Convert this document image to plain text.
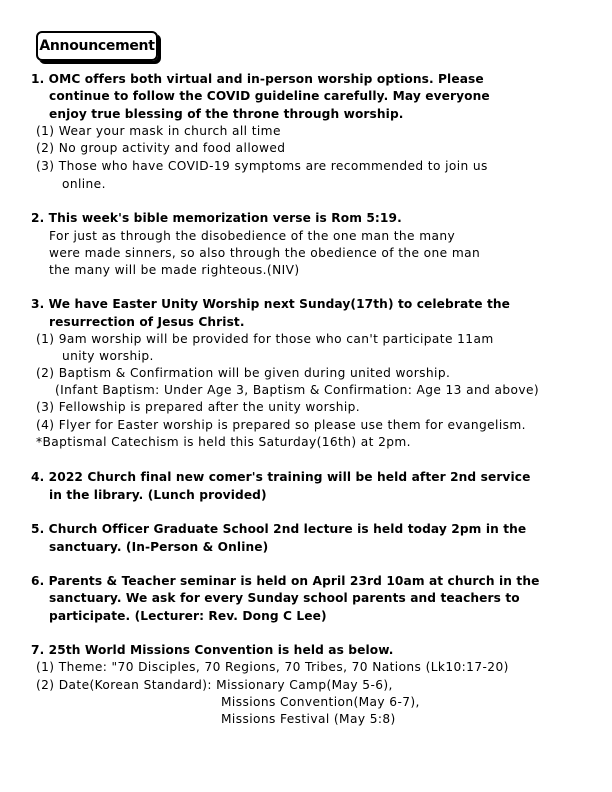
Announcement
1. OMC offers both virtual and in-person worship options. Please
continue to follow the COVID guideline carefully. May everyone
enjoy true blessing of the throne through worship.
(1) Wear your mask in church all time
(2) No group activity and food allowed
(3) Those who have COVID-19 symptoms are recommended to join us
online.
2. This week's bible memorization verse is Rom 5:19.
For just as through the disobedience of the one man the many
were made sinners, so also through the obedience of the one man
the many will be made righteous.(NIV)
3. We have Easter Unity Worship next Sunday(17th) to celebrate the
resurrection of Jesus Christ.
(1) 9am worship will be provided for those who can't participate 11am
unity worship.
(2) Baptism & Confirmation will be given during united worship.
(Infant Baptism: Under Age 3, Baptism & Confirmation: Age 13 and above)
(3) Fellowship is prepared after the unity worship.
(4) Flyer for Easter worship is prepared so please use them for evangelism.
*Baptismal Catechism is held this Saturday(16th) at 2pm.
4. 2022 Church final new comer's training will be held after 2nd service
in the library. (Lunch provided)
5. Church Officer Graduate School 2nd lecture is held today 2pm in the
sanctuary. (In-Person & Online)
6. Parents & Teacher seminar is held on April 23rd 10am at church in the
sanctuary. We ask for every Sunday school parents and teachers to
participate. (Lecturer: Rev. Dong C Lee)
7. 25th World Missions Convention is held as below.
(1) Theme: "70 Disciples, 70 Regions, 70 Tribes, 70 Nations (Lk10:17-20)
(2) Date(Korean Standard): Missionary Camp(May 5-6),
Missions Convention(May 6-7),
Missions Festival (May 5:8)
